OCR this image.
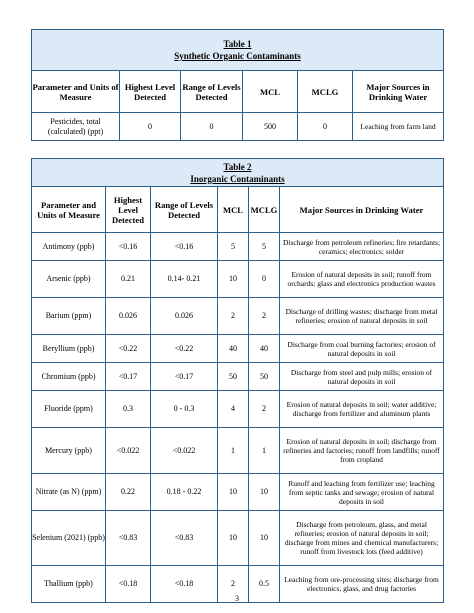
Table 1
Synthetic Organic Contaminants					

Parameter and Units of Measure	Highest Level Detected	Range of Levels Detected	MCL	MCLG	Major Sources in Drinking Water
Pesticides, total (calculated) (ppt)	0	0	500	0	Leaching from farm land
Table 2
Inorganic Contaminants					

Parameter and Units of Measure	Highest Level Detected	Range of Levels Detected	MCL	MCLG	Major Sources in Drinking Water
Antimony (ppb)	<0.16	<0.16	5	5	Discharge from petroleum refineries; fire retardants; ceramics; electronics; solder
Arsenic (ppb)	0.21	0.14- 0.21	10	0	Erosion of natural deposits in soil; runoff from orchards; glass and electronics production wastes
Barium (ppm)	0.026	0.026	2	2	Discharge of drilling wastes; discharge from metal refineries; erosion of natural deposits in soil
Beryllium (ppb)	<0.22	<0.22	40	40	Discharge from coal burning factories; erosion of natural deposits in soil
Chromium (ppb)	<0.17	<0.17	50	50	Discharge from steel and pulp mills; erosion of natural deposits in soil
Fluoride (ppm)	0.3	0 - 0.3	4	2	Erosion of natural deposits in soil; water additive; discharge from fertilizer and aluminum plants
Mercury (ppb)	<0.022	<0.022	1	1	Erosion of natural deposits in soil; discharge from refineries and factories; runoff from landfills; runoff from cropland
Nitrate (as N) (ppm)	0.22	0.18 - 0.22	10	10	Runoff and leaching from fertilizer use; leaching from septic tanks and sewage; erosion of natural deposits in soil
Selenium (2021) (ppb)	<0.83	<0.83	10	10	Discharge from petroleum, glass, and metal refineries; erosion of natural deposits in soil; discharge from mines and chemical manufacturers; runoff from livestock lots (feed additive)
Thallium (ppb)	<0.18	<0.18	2	0.5	Leaching from ore-processing sites; discharge from electronics, glass, and drug factories
3
